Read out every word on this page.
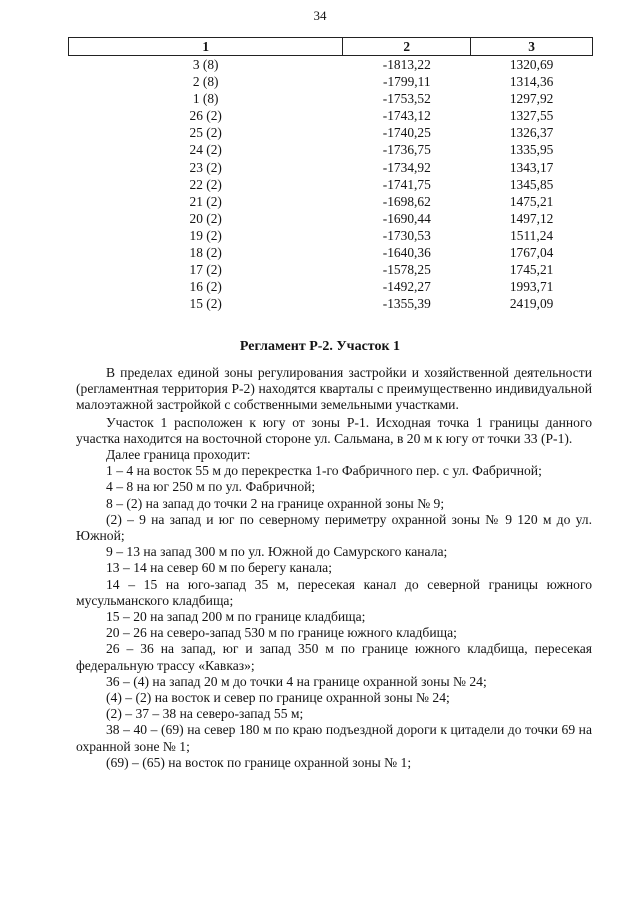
34
1	2	3
3 (8)	-1813,22	1320,69
2 (8)	-1799,11	1314,36
1 (8)	-1753,52	1297,92
26 (2)	-1743,12	1327,55
25 (2)	-1740,25	1326,37
24 (2)	-1736,75	1335,95
23 (2)	-1734,92	1343,17
22 (2)	-1741,75	1345,85
21 (2)	-1698,62	1475,21
20 (2)	-1690,44	1497,12
19 (2)	-1730,53	1511,24
18 (2)	-1640,36	1767,04
17 (2)	-1578,25	1745,21
16 (2)	-1492,27	1993,71
15 (2)	-1355,39	2419,09
Регламент Р-2. Участок 1

В пределах единой зоны регулирования застройки и хозяйственной деятельности (регламентная территория Р-2) находятся кварталы с преимущественно индивидуальной малоэтажной застройкой с собственными земельными участками.

Участок 1 расположен к югу от зоны Р-1. Исходная точка 1 границы данного участка находится на восточной стороне ул. Сальмана, в 20 м к югу от точки 33 (Р-1).

Далее граница проходит:

1 – 4 на восток 55 м до перекрестка 1-го Фабричного пер. с ул. Фабричной;

4 – 8 на юг 250 м по ул. Фабричной;

8 – (2) на запад до точки 2 на границе охранной зоны № 9;

(2) – 9 на запад и юг по северному периметру охранной зоны № 9 120 м до ул. Южной;

9 – 13 на запад 300 м по ул. Южной до Самурского канала;

13 – 14 на север 60 м по берегу канала;

14 – 15 на юго-запад 35 м, пересекая канал до северной границы южного мусульманского кладбища;

15 – 20 на запад 200 м по границе кладбища;

20 – 26 на северо-запад 530 м по границе южного кладбища;

26 – 36 на запад, юг и запад 350 м по границе южного кладбища, пересекая федеральную трассу «Кавказ»;

36 – (4) на запад 20 м до точки 4 на границе охранной зоны № 24;

(4) – (2) на восток и север по границе охранной зоны № 24;

(2) – 37 – 38 на северо-запад 55 м;

38 – 40 – (69) на север 180 м по краю подъездной дороги к цитадели до точки 69 на охранной зоне № 1;

(69) – (65) на восток по границе охранной зоны № 1;
